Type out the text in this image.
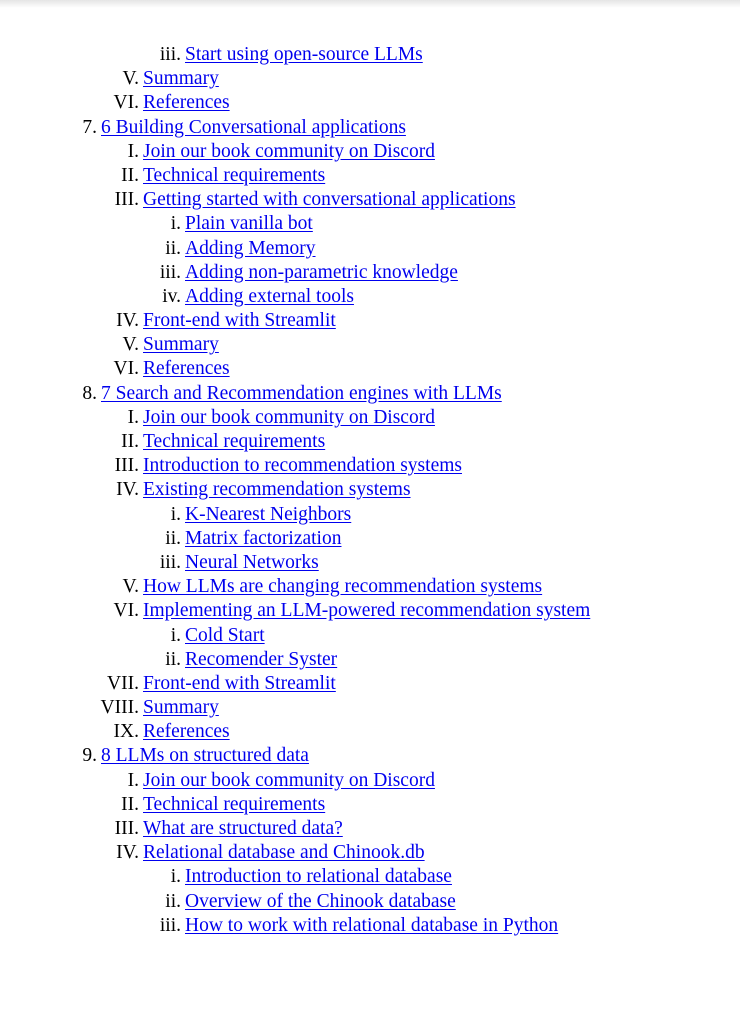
iii. Start using open-source LLMs
V. Summary
VI. References
7. 6 Building Conversational applications
I. Join our book community on Discord
II. Technical requirements
III. Getting started with conversational applications
i. Plain vanilla bot
ii. Adding Memory
iii. Adding non-parametric knowledge
iv. Adding external tools
IV. Front-end with Streamlit
V. Summary
VI. References
8. 7 Search and Recommendation engines with LLMs
I. Join our book community on Discord
II. Technical requirements
III. Introduction to recommendation systems
IV. Existing recommendation systems
i. K-Nearest Neighbors
ii. Matrix factorization
iii. Neural Networks
V. How LLMs are changing recommendation systems
VI. Implementing an LLM-powered recommendation system
i. Cold Start
ii. Recomender Syster
VII. Front-end with Streamlit
VIII. Summary
IX. References
9. 8 LLMs on structured data
I. Join our book community on Discord
II. Technical requirements
III. What are structured data?
IV. Relational database and Chinook.db
i. Introduction to relational database
ii. Overview of the Chinook database
iii. How to work with relational database in Python
